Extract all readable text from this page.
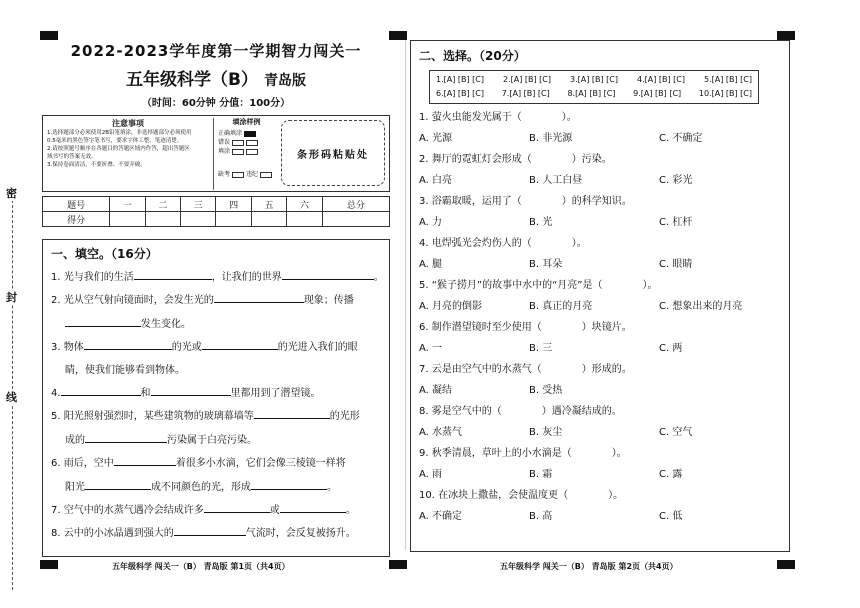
密
封
线
2022-2023学年度第一学期智力闯关一
五年级科学（B） 青岛版
（时间：60分钟 分值：100分）
注意事项
1.选择题部分必须使用2B铅笔填涂，非选择题部分必须使用
0.5毫米的黑色签字笔书写，要求字体工整、笔迹清楚。
2.请按照题号顺序在各题目的答题区域内作答，超出答题区
域书写的答案无效。
3.保持卷面清洁，不要折叠、不要弄破。
填涂样例
正确填涂
错误
填涂
缺考	违纪
条形码粘贴处
题号	一	二	三	四	五	六	总分
得分							
一、填空。（16分）
1. 光与我们的生活	，让我们的世界	。
2. 光从空气射向镜面时，会发生光的	现象；传播
发生变化。
3. 物体	的光或	的光进入我们的眼
睛，使我们能够看到物体。
4.	和	里都用到了潜望镜。
5. 阳光照射强烈时，某些建筑物的玻璃幕墙等	的光形
成的	污染属于白亮污染。
6. 雨后，空中	着很多小水滴，它们会像三棱镜一样将
阳光	成不同颜色的光，形成	。
7. 空气中的水蒸气遇冷会结成许多	或	。
8. 云中的小冰晶遇到强大的	气流时，会反复被扬升。
五年级科学 闯关一（B） 青岛版 第1页（共4页）
二、选择。（20分）
1.[A] [B] [C] 2.[A] [B] [C] 3.[A] [B] [C] 4.[A] [B] [C] 5.[A] [B] [C]
6.[A] [B] [C] 7.[A] [B] [C] 8.[A] [B] [C] 9.[A] [B] [C] 10.[A] [B] [C]
1. 萤火虫能发光属于（	）。
A. 光源	B. 非光源	C. 不确定
2. 舞厅的霓虹灯会形成（	）污染。
A. 白亮	B. 人工白昼	C. 彩光
3. 浴霸取暖，运用了（	）的科学知识。
A. 力	B. 光	C. 杠杆
4. 电焊弧光会灼伤人的（	）。
A. 腿	B. 耳朵	C. 眼睛
5. “猴子捞月”的故事中水中的“月亮”是（	）。
A. 月亮的倒影	B. 真正的月亮	C. 想象出来的月亮
6. 制作潜望镜时至少使用（	）块镜片。
A. 一	B. 三	C. 两
7. 云是由空气中的水蒸气（	）形成的。
A. 凝结	B. 受热
8. 雾是空气中的（	）遇冷凝结成的。
A. 水蒸气	B. 灰尘	C. 空气
9. 秋季清晨，草叶上的小水滴是（	）。
A. 雨	B. 霜	C. 露
10. 在冰块上撒盐，会使温度更（	）。
A. 不确定	B. 高	C. 低
五年级科学 闯关一（B） 青岛版 第2页（共4页）
